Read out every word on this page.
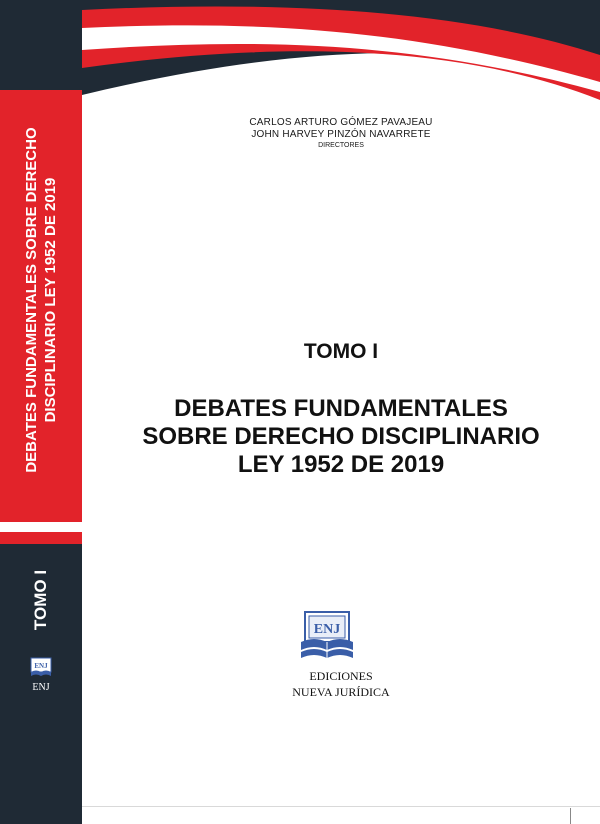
DEBATES FUNDAMENTALES SOBRE DERECHO DISCIPLINARIO LEY 1952 DE 2019
TOMO I
ENJ
ENJ
CARLOS ARTURO GÓMEZ PAVAJEAU
JOHN HARVEY PINZÓN NAVARRETE
DIRECTORES
TOMO I
DEBATES FUNDAMENTALES
SOBRE DERECHO DISCIPLINARIO
LEY 1952 DE 2019
ENJ
EDICIONES
NUEVA JURÍDICA
